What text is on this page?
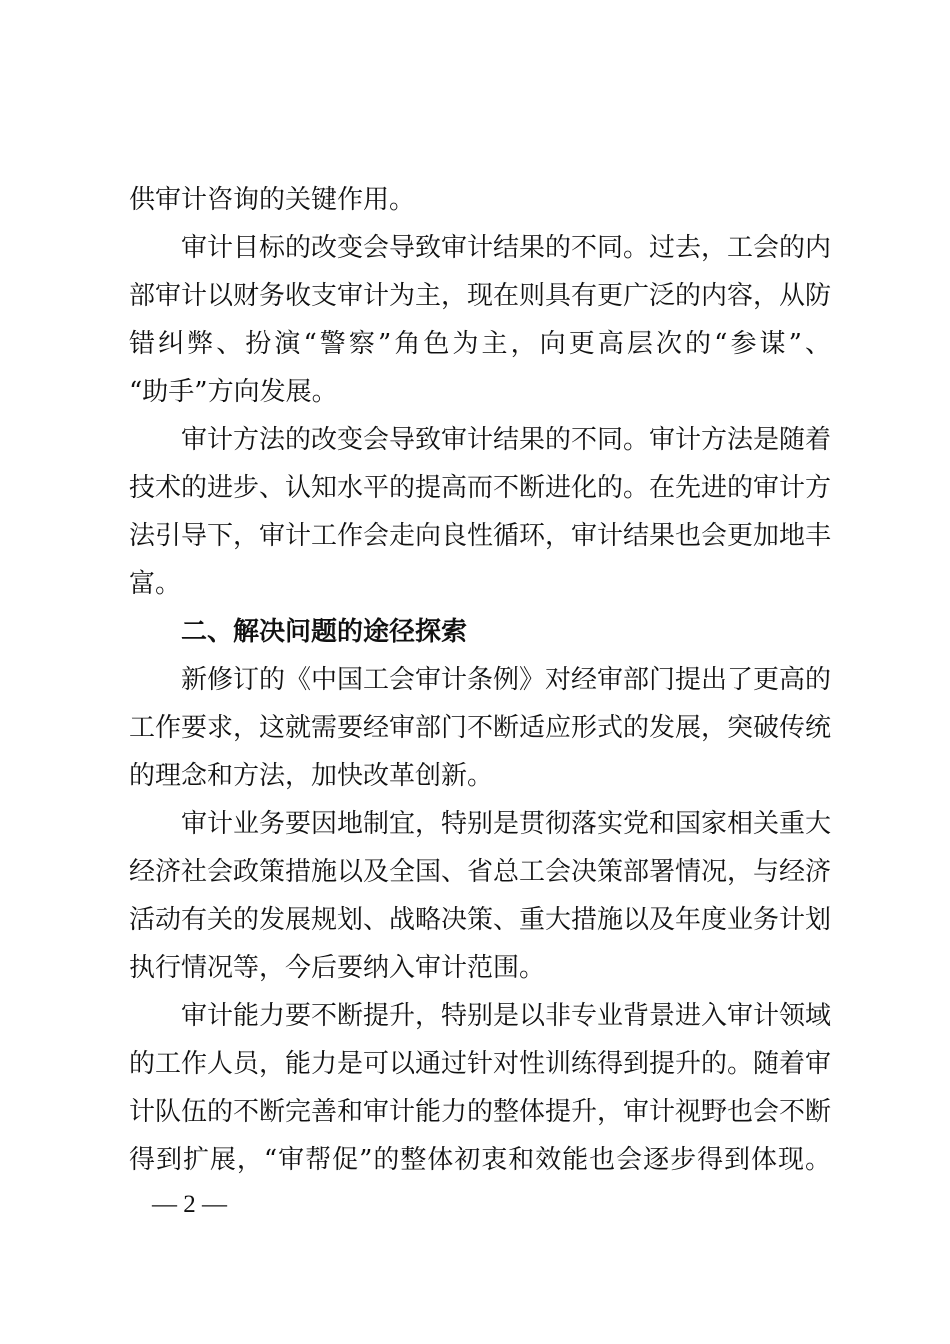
供审计咨询的关键作用。
审计目标的改变会导致审计结果的不同。过去，工会的内
部审计以财务收支审计为主，现在则具有更广泛的内容，从防
错纠弊、扮演“警察”角色为主，向更高层次的“参谋”、
“助手”方向发展。
审计方法的改变会导致审计结果的不同。审计方法是随着
技术的进步、认知水平的提高而不断进化的。在先进的审计方
法引导下，审计工作会走向良性循环，审计结果也会更加地丰
富。
二、解决问题的途径探索
新修订的《中国工会审计条例》对经审部门提出了更高的
工作要求，这就需要经审部门不断适应形式的发展，突破传统
的理念和方法，加快改革创新。
审计业务要因地制宜，特别是贯彻落实党和国家相关重大
经济社会政策措施以及全国、省总工会决策部署情况，与经济
活动有关的发展规划、战略决策、重大措施以及年度业务计划
执行情况等，今后要纳入审计范围。
审计能力要不断提升，特别是以非专业背景进入审计领域
的工作人员，能力是可以通过针对性训练得到提升的。随着审
计队伍的不断完善和审计能力的整体提升，审计视野也会不断
得到扩展，“审帮促”的整体初衷和效能也会逐步得到体现。
— 2 —
